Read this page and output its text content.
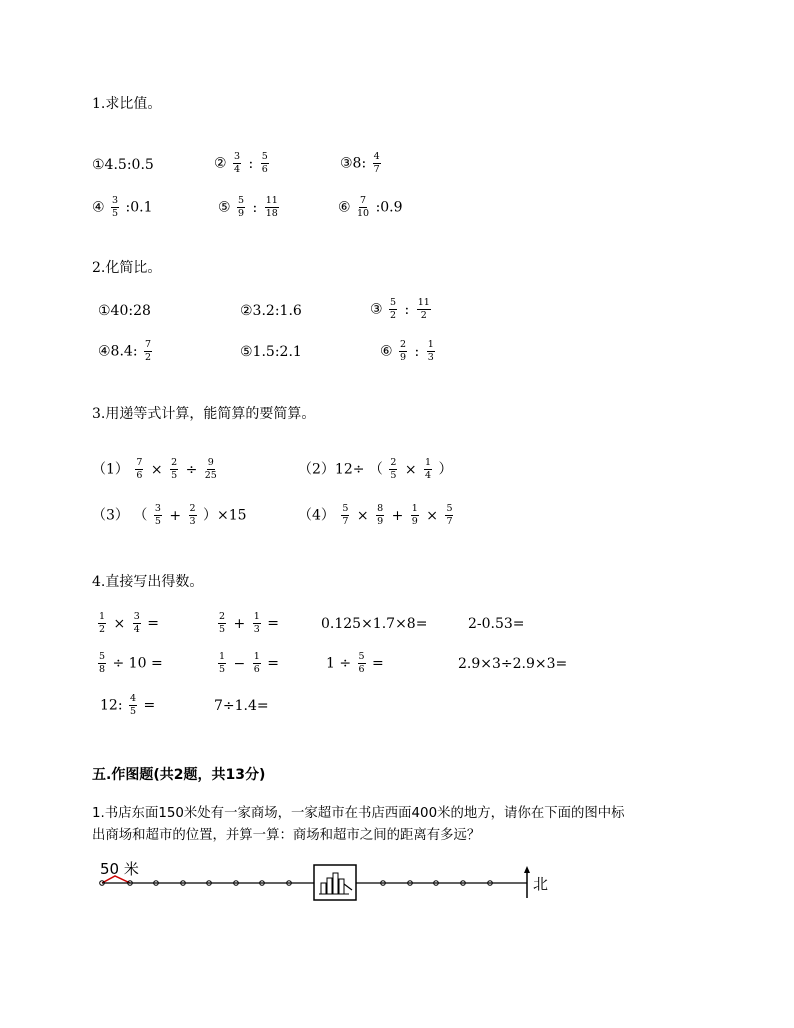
1.求比值。
①4.5:0.5	② $\frac{3}{4}$ : $\frac{5}{6}$	③8: $\frac{4}{7}$
④ $\frac{3}{5}$ :0.1	⑤ $\frac{5}{9}$ : $\frac{11}{18}$	⑥ $\frac{7}{10}$ :0.9
2.化简比。
①40:28	②3.2:1.6	③ $\frac{5}{2}$ : $\frac{11}{2}$
④8.4: $\frac{7}{2}$	⑤1.5:2.1	⑥ $\frac{2}{9}$ : $\frac{1}{3}$
3.用递等式计算，能简算的要简算。
$(1) \frac{7}{6} \times \frac{2}{5} \div \frac{9}{25}$	（2）12÷ （ $\frac{2}{5} \times \frac{1}{4}$ ）
（3） （ $\frac{3}{5} + \frac{2}{3} )\times 15$	$(4) \frac{5}{7} \times \frac{8}{9} + \frac{1}{9} \times \frac{5}{7}$
4.直接写出得数。
$\frac{1}{2} \times \frac{3}{4}$ =	$\frac{2}{5} + \frac{1}{3}$ =	0.125×1.7×8=	2-0.53=
$\frac{5}{8} \div 10$ =	$\frac{1}{5} - \frac{1}{6}$ =	$1 \div \frac{5}{6}$ =	2.9×3÷2.9×3=
12: $\frac{4}{5}$ =	7÷1.4=
五.作图题(共2题，共13分)
1.书店东面150米处有一家商场，一家超市在书店西面400米的地方，请你在下面的图中标
出商场和超市的位置，并算一算：商场和超市之间的距离有多远？
50 米
北
